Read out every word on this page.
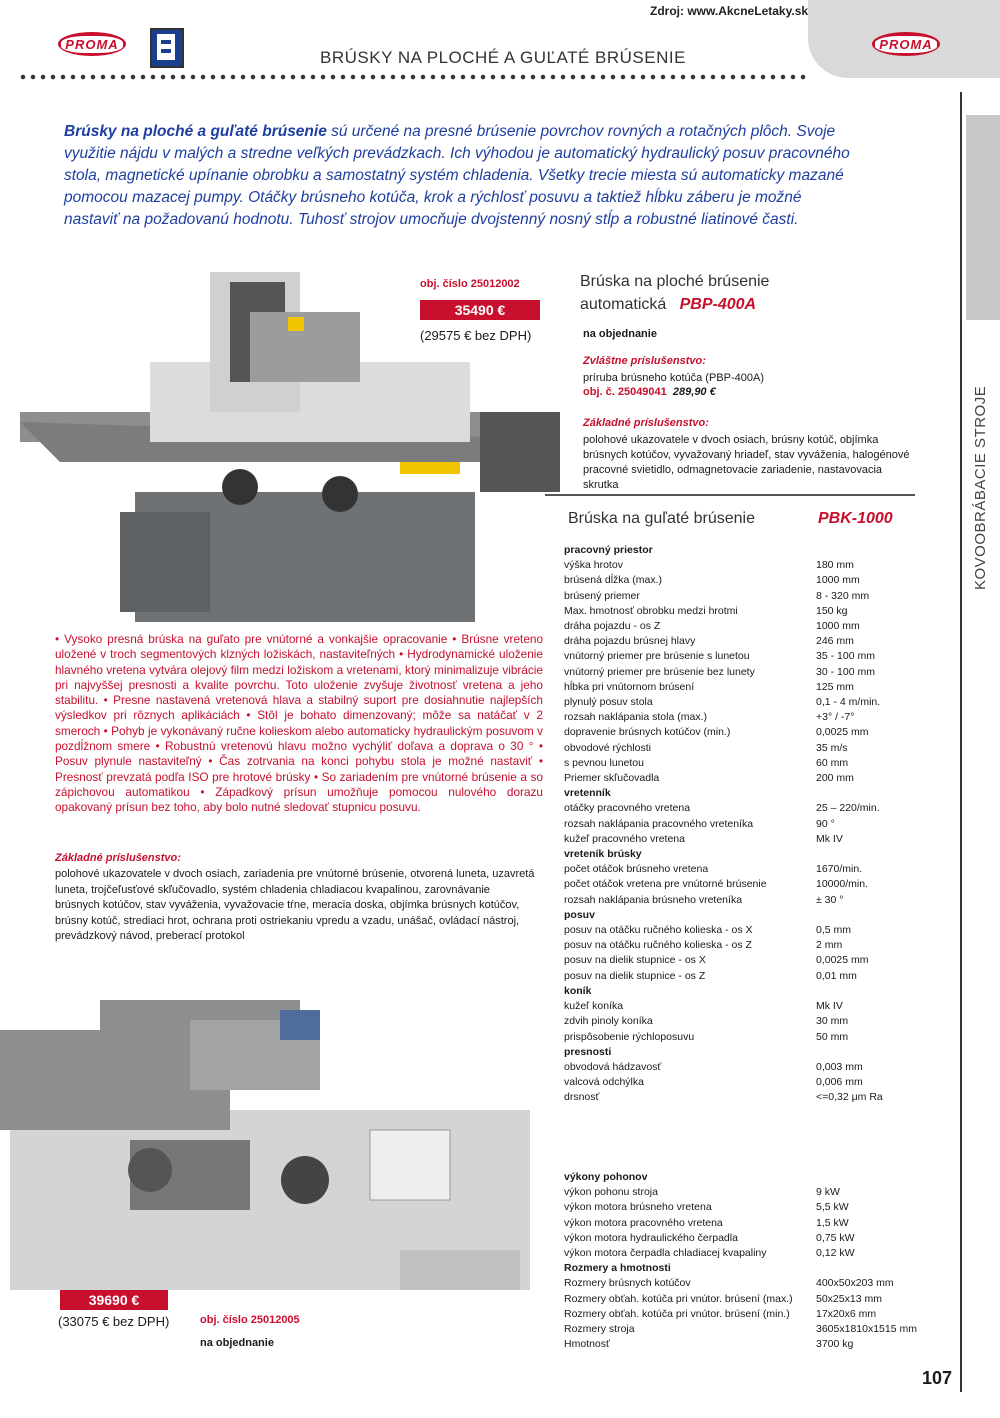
Zdroj: www.AkcneLetaky.sk
PROMA	PROMA
BRÚSKY NA PLOCHÉ A GUĽATÉ BRÚSENIE
KOVOOBRÁBACIE STROJE
Brúsky na ploché a guľaté brúsenie sú určené na presné brúsenie povrchov rovných a rotačných plôch. Svoje využitie nájdu v malých a stredne veľkých prevádzkach. Ich výhodou je automatický hydraulický posuv pracovného stola, magnetické upínanie obrobku a samostatný systém chladenia. Všetky trecie miesta sú automaticky mazané pomocou mazacej pumpy. Otáčky brúsneho kotúča, krok a rýchlosť posuvu a taktiež hĺbku záberu je možné nastaviť na požadovanú hodnotu. Tuhosť strojov umocňuje dvojstenný nosný stĺp a robustné liatinové časti.
obj. číslo 25012002
35490 €
(29575 € bez DPH)
Brúska na ploché brúsenie
automatická PBP-400A
na objednanie
Zvláštne príslušenstvo:
príruba brúsneho kotúča (PBP-400A)
obj. č. 25049041 289,90 €
Základné príslušenstvo:
polohové ukazovatele v dvoch osiach, brúsny kotúč, objímka brúsnych kotúčov, vyvažovaný hriadeľ, stav vyváženia, halogénové pracovné svietidlo, odmagnetovacie zariadenie, nastavovacia skrutka
Brúska na guľaté brúsenie	PBK-1000
pracovný priestor
výška hrotov	180 mm
brúsená dĺžka (max.)	1000 mm
brúsený priemer	8 - 320 mm
Max. hmotnosť obrobku medzi hrotmi	150 kg
dráha pojazdu - os Z	1000 mm
dráha pojazdu brúsnej hlavy	246 mm
vnútorný priemer pre brúsenie s lunetou	35 - 100 mm
vnútorný priemer pre brúsenie bez lunety	30 - 100 mm
hĺbka pri vnútornom brúsení	125 mm
plynulý posuv stola	0,1 - 4 m/min.
rozsah naklápania stola (max.)	+3° / -7°
dopravenie brúsnych kotúčov (min.)	0,0025 mm
obvodové rýchlosti	35 m/s
s pevnou lunetou	60 mm
Priemer skľučovadla	200 mm
vretenník
otáčky pracovného vretena	25 – 220/min.
rozsah naklápania pracovného vreteníka	90 °
kužeľ pracovného vretena	Mk IV
vreteník brúsky
počet otáčok brúsneho vretena	1670/min.
počet otáčok vretena pre vnútorné brúsenie	10000/min.
rozsah naklápania brúsneho vreteníka	± 30 °
posuv
posuv na otáčku ručného kolieska - os X	0,5 mm
posuv na otáčku ručného kolieska - os Z	2 mm
posuv na dielik stupnice - os X	0,0025 mm
posuv na dielik stupnice - os Z	0,01 mm
koník
kužeľ koníka	Mk IV
zdvih pinoly koníka	30 mm
prispôsobenie rýchloposuvu	50 mm
presnosti
obvodová hádzavosť	0,003 mm
valcová odchýlka	0,006 mm
drsnosť	<=0,32 μm Ra
výkony pohonov
výkon pohonu stroja	9 kW
výkon motora brúsneho vretena	5,5 kW
výkon motora pracovného vretena	1,5 kW
výkon motora hydraulického čerpadla	0,75 kW
výkon motora čerpadla chladiacej kvapaliny	0,12 kW
Rozmery a hmotnosti
Rozmery brúsnych kotúčov	400x50x203 mm
Rozmery obťah. kotúča pri vnútor. brúsení (max.)	50x25x13 mm
Rozmery obťah. kotúča pri vnútor. brúsení (min.)	17x20x6 mm
Rozmery stroja	3605x1810x1515 mm
Hmotnosť	3700 kg
• Vysoko presná brúska na guľato pre vnútorné a vonkajšie opracovanie • Brúsne vreteno uložené v troch segmentových klzných ložiskách, nastaviteľných • Hydrodynamické uloženie hlavného vretena vytvára olejový film medzi ložiskom a vretenami, ktorý minimalizuje vibrácie pri najvyššej presnosti a kvalite povrchu. Toto uloženie zvyšuje životnosť vretena a jeho stabilitu. • Presne nastavená vretenová hlava a stabilný suport pre dosiahnutie najlepších výsledkov pri rôznych aplikáciách • Stôl je bohato dimenzovaný; môže sa natáčať v 2 smeroch • Pohyb je vykonávaný ručne kolieskom alebo automaticky hydraulickým posuvom v pozdĺžnom smere • Robustnú vretenovú hlavu možno vychýliť doľava a doprava o 30 ° • Posuv plynule nastaviteľný • Čas zotrvania na konci pohybu stola je možné nastaviť • Presnosť prevzatá podľa ISO pre hrotové brúsky • So zariadením pre vnútorné brúsenie a so zápichovou automatikou • Západkový prísun umožňuje pomocou nulového dorazu opakovaný prísun bez toho, aby bolo nutné sledovať stupnicu posuvu.
Základné príslušenstvo:
polohové ukazovatele v dvoch osiach, zariadenia pre vnútorné brúsenie, otvorená luneta, uzavretá luneta, trojčeľusťové skľučovadlo, systém chladenia chladiacou kvapalinou, zarovnávanie brúsnych kotúčov, stav vyváženia, vyvažovacie tŕne, meracia doska, objímka brúsnych kotúčov, brúsny kotúč, strediaci hrot, ochrana proti ostriekaniu vpredu a vzadu, unášač, ovládací nástroj, prevádzkový návod, preberací protokol
39690 €
(33075 € bez DPH)	obj. číslo 25012005
na objednanie
107
